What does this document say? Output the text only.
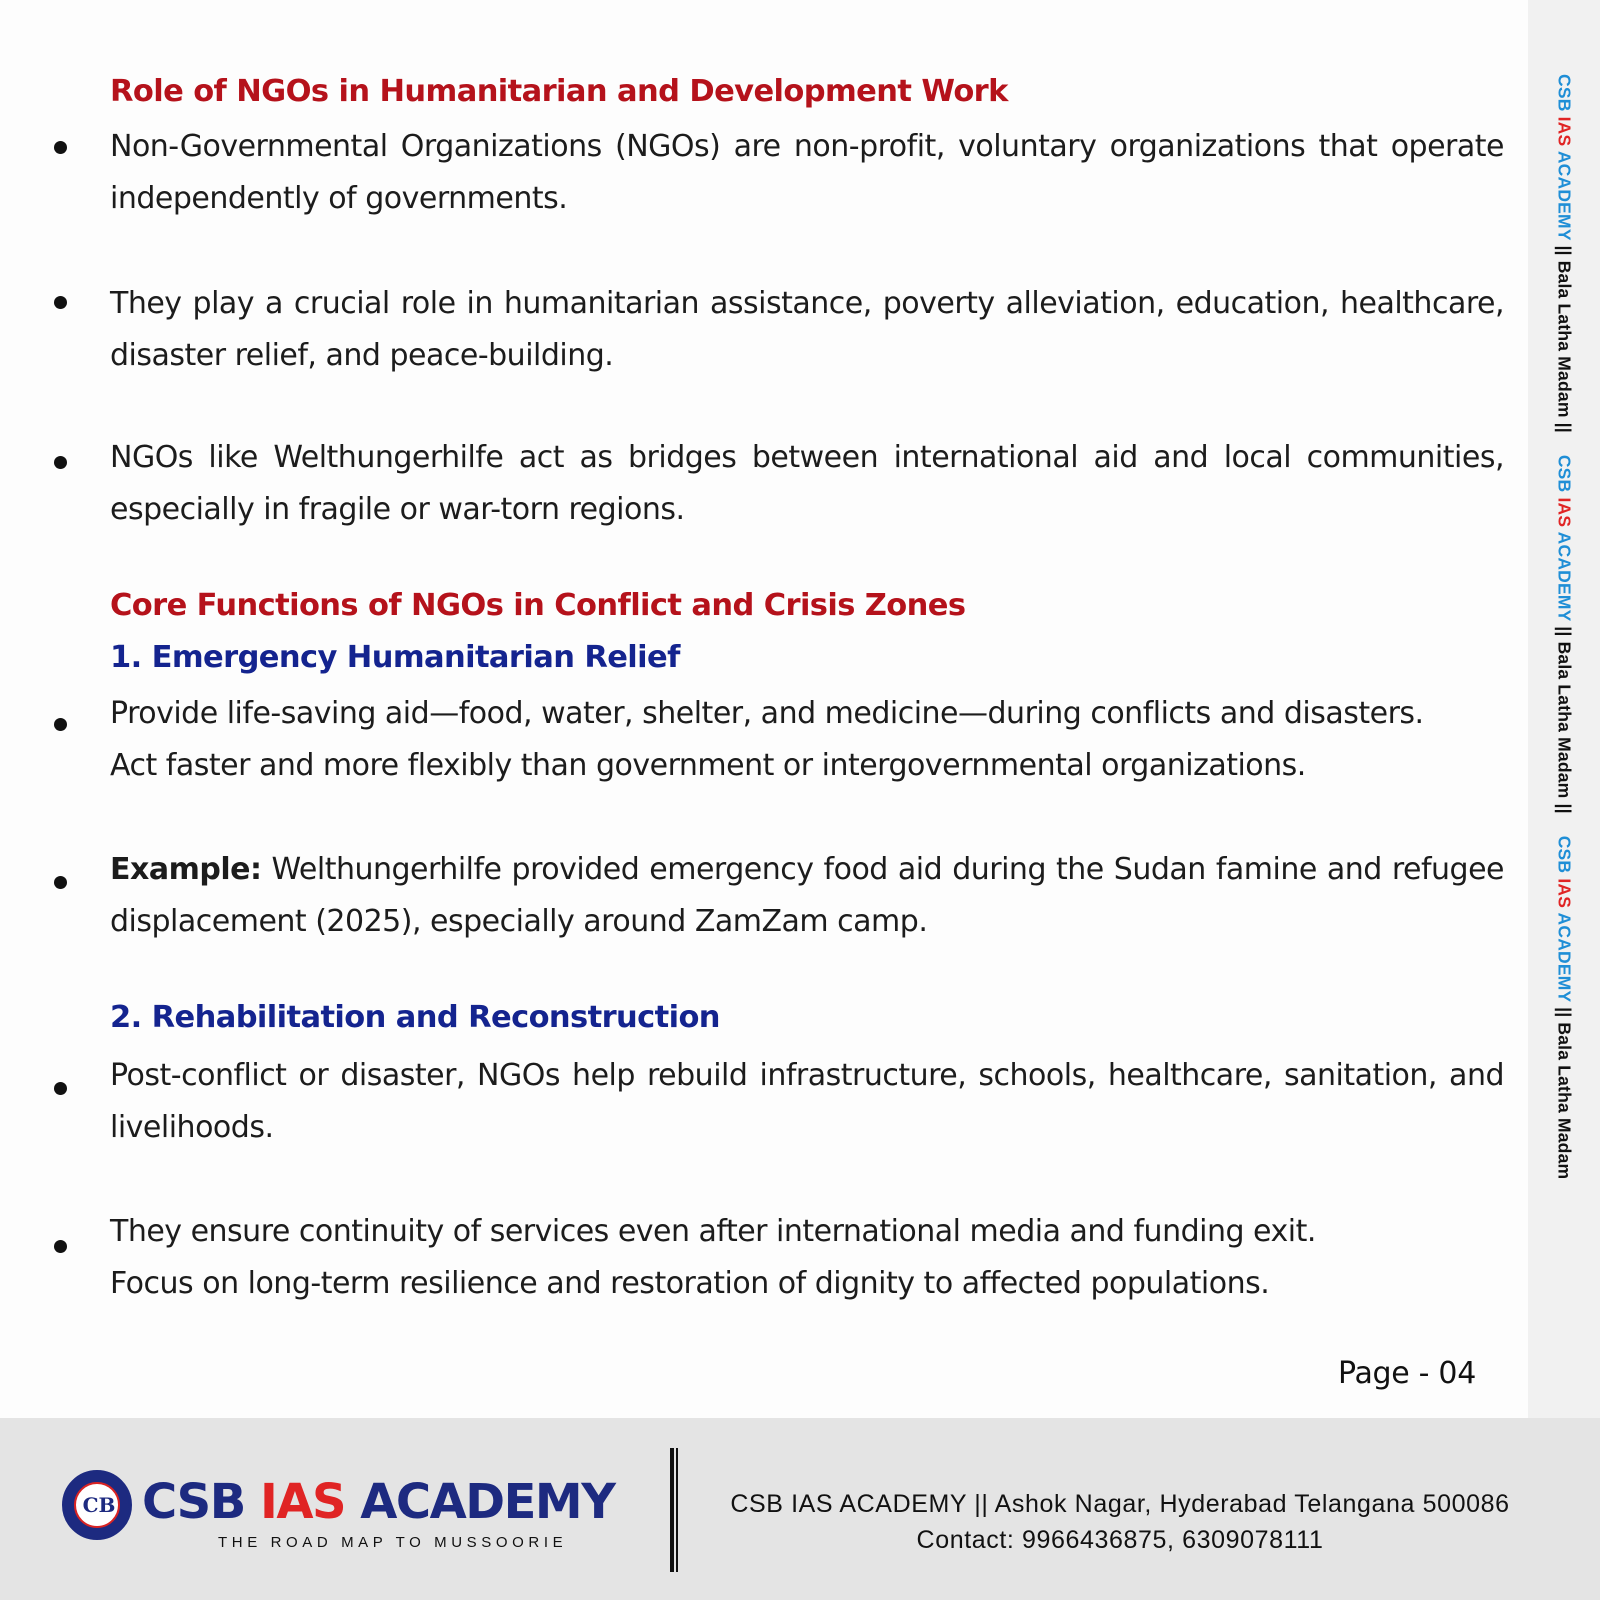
CSB IAS ACADEMY || Bala Latha Madam ||CSB IAS ACADEMY || Bala Latha Madam ||CSB IAS ACADEMY || Bala Latha Madam
Role of NGOs in Humanitarian and Development Work
Non-Governmental Organizations (NGOs) are non-profit, voluntary organizations that operate independently of governments.
They play a crucial role in humanitarian assistance, poverty alleviation, education, healthcare, disaster relief, and peace-building.
NGOs like Welthungerhilfe act as bridges between international aid and local communities, especially in fragile or war-torn regions.
Core Functions of NGOs in Conflict and Crisis Zones
1. Emergency Humanitarian Relief
Provide life-saving aid—food, water, shelter, and medicine—during conflicts and disasters.
Act faster and more flexibly than government or intergovernmental organizations.
Example: Welthungerhilfe provided emergency food aid during the Sudan famine and refugee displacement (2025), especially around ZamZam camp.
2. Rehabilitation and Reconstruction
Post-conflict or disaster, NGOs help rebuild infrastructure, schools, healthcare, sanitation, and livelihoods.
They ensure continuity of services even after international media and funding exit.
Focus on long-term resilience and restoration of dignity to affected populations.
Page - 04
CB CSB IAS ACADEMY
THE ROAD MAP TO MUSSOORIE
CSB IAS ACADEMY || Ashok Nagar, Hyderabad Telangana 500086
Contact: 9966436875, 6309078111
